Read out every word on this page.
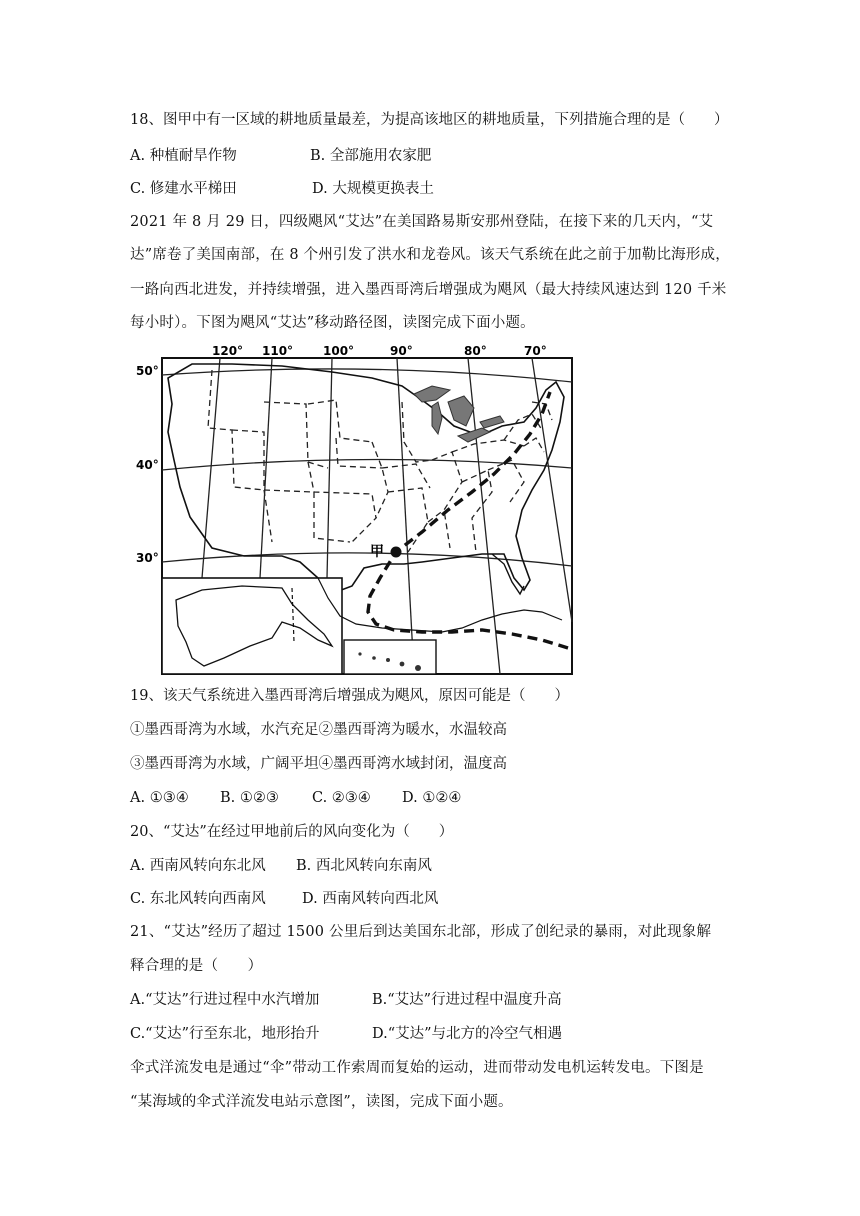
18、图甲中有一区域的耕地质量最差，为提高该地区的耕地质量，下列措施合理的是（　　）
A. 种植耐旱作物	B. 全部施用农家肥
C. 修建水平梯田	D. 大规模更换表土
2021 年 8 月 29 日，四级飓风“艾达”在美国路易斯安那州登陆，在接下来的几天内，“艾
达”席卷了美国南部，在 8 个州引发了洪水和龙卷风。该天气系统在此之前于加勒比海形成，
一路向西北进发，并持续增强，进入墨西哥湾后增强成为飓风（最大持续风速达到 120 千米
每小时）。下图为飓风“艾达”移动路径图，读图完成下面小题。
120° 110° 100°	90°	80°	70°
50°
40°
30°	甲
19、该天气系统进入墨西哥湾后增强成为飓风，原因可能是（　　）
①墨西哥湾为水域，水汽充足②墨西哥湾为暖水，水温较高
③墨西哥湾为水域，广阔平坦④墨西哥湾水域封闭，温度高
A. ①③④ B. ①②③ C. ②③④ D. ①②④
20、“艾达”在经过甲地前后的风向变化为（　　）
A. 西南风转向东北风 B. 西北风转向东南风
C. 东北风转向西南风 D. 西南风转向西北风
21、“艾达”经历了超过 1500 公里后到达美国东北部，形成了创纪录的暴雨，对此现象解
释合理的是（　　）
A.“艾达”行进过程中水汽增加	B.“艾达”行进过程中温度升高
C.“艾达”行至东北，地形抬升	D.“艾达”与北方的冷空气相遇
伞式洋流发电是通过“伞”带动工作索周而复始的运动，进而带动发电机运转发电。下图是
“某海域的伞式洋流发电站示意图”，读图，完成下面小题。
